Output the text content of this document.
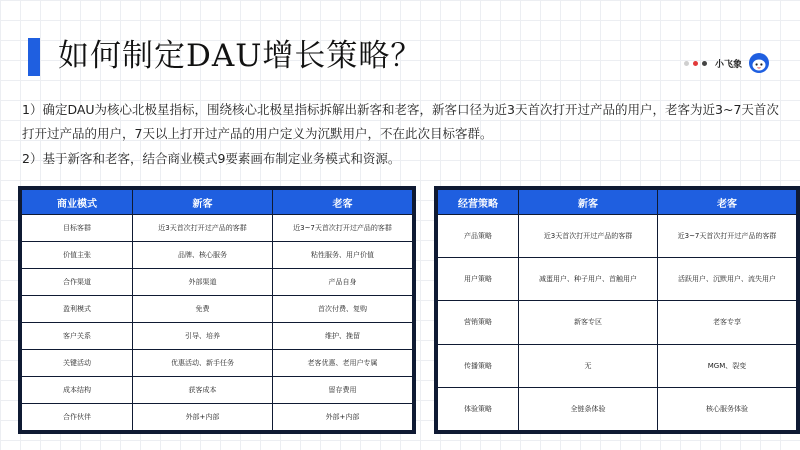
如何制定DAU增长策略？	小飞象
1）确定DAU为核心北极星指标，围绕核心北极星指标拆解出新客和老客，新客口径为近3天首次打开过产品的用户，老客为近3~7天首次打开过产品的用户，7天以上打开过产品的用户定义为沉默用户，不在此次目标客群。
2）基于新客和老客，结合商业模式9要素画布制定业务模式和资源。
商业模式	新客	老客
目标客群	近3天首次打开过产品的客群	近3~7天首次打开过产品的客群
价值主张	品牌、核心服务	粘性服务、用户价值
合作渠道	外部渠道	产品自身
盈利模式	免费	首次付费、复购
客户关系	引导、培养	维护、挽留
关键活动	优惠活动、新手任务	老客优惠、老用户专属
成本结构	获客成本	留存费用
合作伙伴	外部+内部	外部+内部
经营策略	新客	老客
产品策略	近3天首次打开过产品的客群	近3~7天首次打开过产品的客群
用户策略	减蛋用户、种子用户、首触用户	活跃用户、沉默用户、流失用户
营销策略	新客专区	老客专享
传播策略	无	MGM、裂变
体验策略	全链条体验	核心服务体验
